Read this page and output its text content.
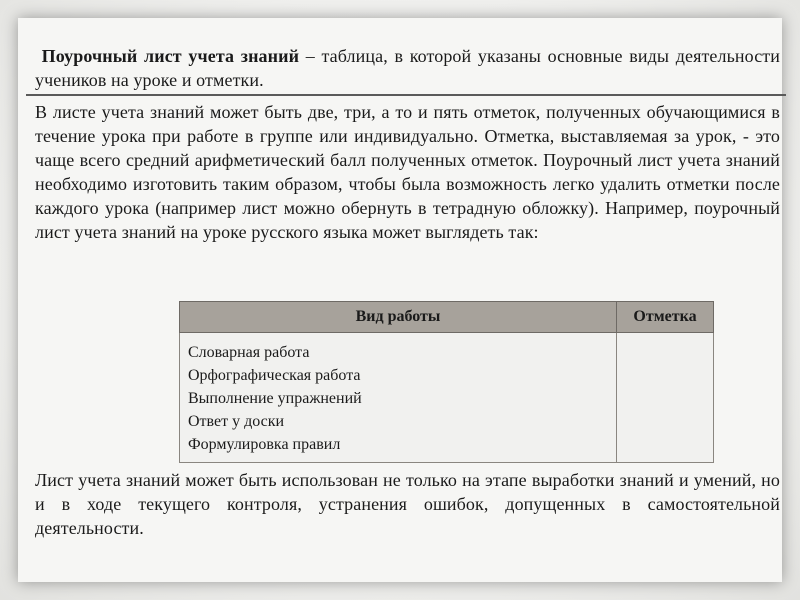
Поурочный лист учета знаний – таблица, в которой указаны основные виды деятельности учеников на уроке и отметки.
В листе учета знаний может быть две, три, а то и пять отметок, полученных обучающимися в течение урока при работе в группе или индивидуально. Отметка, выставляемая за урок, - это чаще всего средний арифметический балл полученных отметок. Поурочный лист учета знаний необходимо изготовить таким образом, чтобы была возможность легко удалить отметки после каждого урока (например лист можно обернуть в тетрадную обложку). Например, поурочный лист учета знаний на уроке русского языка может выглядеть так:
Вид работы	Отметка

Словарная работа
Орфографическая работа
Выполнение упражнений
Ответ у доски
Формулировка правил	

Лист учета знаний может быть использован не только на этапе выработки знаний и умений, но и в ходе текущего контроля, устранения ошибок, допущенных в самостоятельной деятельности.
